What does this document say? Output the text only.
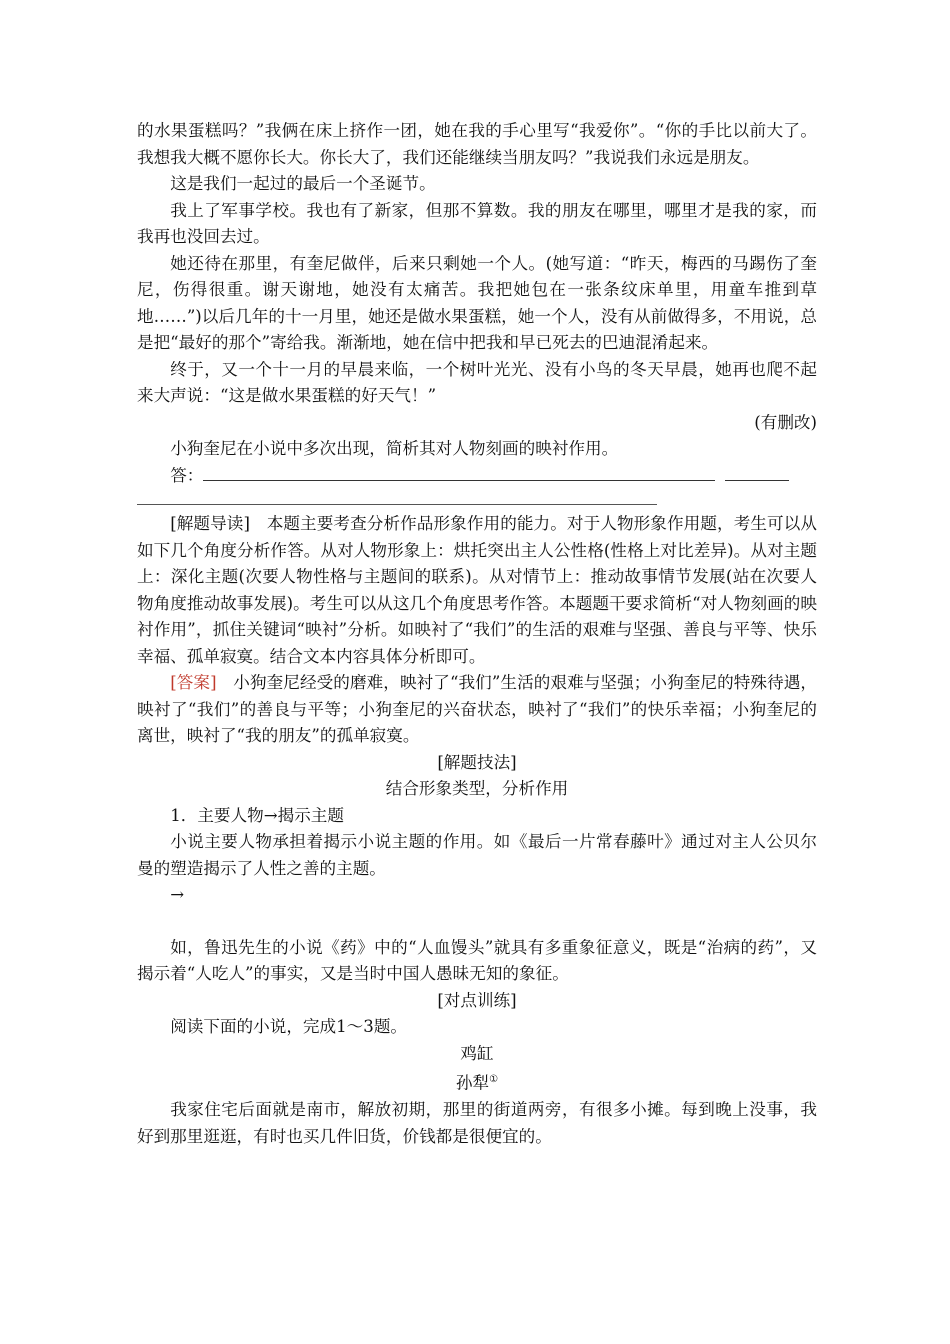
的水果蛋糕吗？”我俩在床上挤作一团，她在我的手心里写“我爱你”。“你的手比以前大了。我想我大概不愿你长大。你长大了，我们还能继续当朋友吗？”我说我们永远是朋友。

这是我们一起过的最后一个圣诞节。

我上了军事学校。我也有了新家，但那不算数。我的朋友在哪里，哪里才是我的家，而我再也没回去过。

她还待在那里，有奎尼做伴，后来只剩她一个人。(她写道：“昨天，梅西的马踢伤了奎尼，伤得很重。谢天谢地，她没有太痛苦。我把她包在一张条纹床单里，用童车推到草地……”)以后几年的十一月里，她还是做水果蛋糕，她一个人，没有从前做得多，不用说，总是把“最好的那个”寄给我。渐渐地，她在信中把我和早已死去的巴迪混淆起来。

终于，又一个十一月的早晨来临，一个树叶光光、没有小鸟的冬天早晨，她再也爬不起来大声说：“这是做水果蛋糕的好天气！”

(有删改)

小狗奎尼在小说中多次出现，简析其对人物刻画的映衬作用。

答：

[解题导读]　 本题主要考查分析作品形象作用的能力。对于人物形象作用题，考生可以从如下几个角度分析作答。从对人物形象上：烘托突出主人公性格(性格上对比差异)。从对主题上：深化主题(次要人物性格与主题间的联系)。从对情节上：推动故事情节发展(站在次要人物角度推动故事发展)。考生可以从这几个角度思考作答。本题题干要求简析“对人物刻画的映衬作用”，抓住关键词“映衬”分析。如映衬了“我们”的生活的艰难与坚强、善良与平等、快乐幸福、孤单寂寞。结合文本内容具体分析即可。

[答案]　 小狗奎尼经受的磨难，映衬了“我们”生活的艰难与坚强；小狗奎尼的特殊待遇，映衬了“我们”的善良与平等；小狗奎尼的兴奋状态，映衬了“我们”的快乐幸福；小狗奎尼的离世，映衬了“我的朋友”的孤单寂寞。

[解题技法]

结合形象类型，分析作用

1．主要人物→揭示主题

小说主要人物承担着揭示小说主题的作用。如《最后一片常春藤叶》通过对主人公贝尔曼的塑造揭示了人性之善的主题。

→

如，鲁迅先生的小说《药》中的“人血馒头”就具有多重象征意义，既是“治病的药”，又揭示着“人吃人”的事实，又是当时中国人愚昧无知的象征。

[对点训练]

阅读下面的小说，完成1～3题。

鸡缸

孙犁①

我家住宅后面就是南市，解放初期，那里的街道两旁，有很多小摊。每到晚上没事，我好到那里逛逛，有时也买几件旧货，价钱都是很便宜的。
